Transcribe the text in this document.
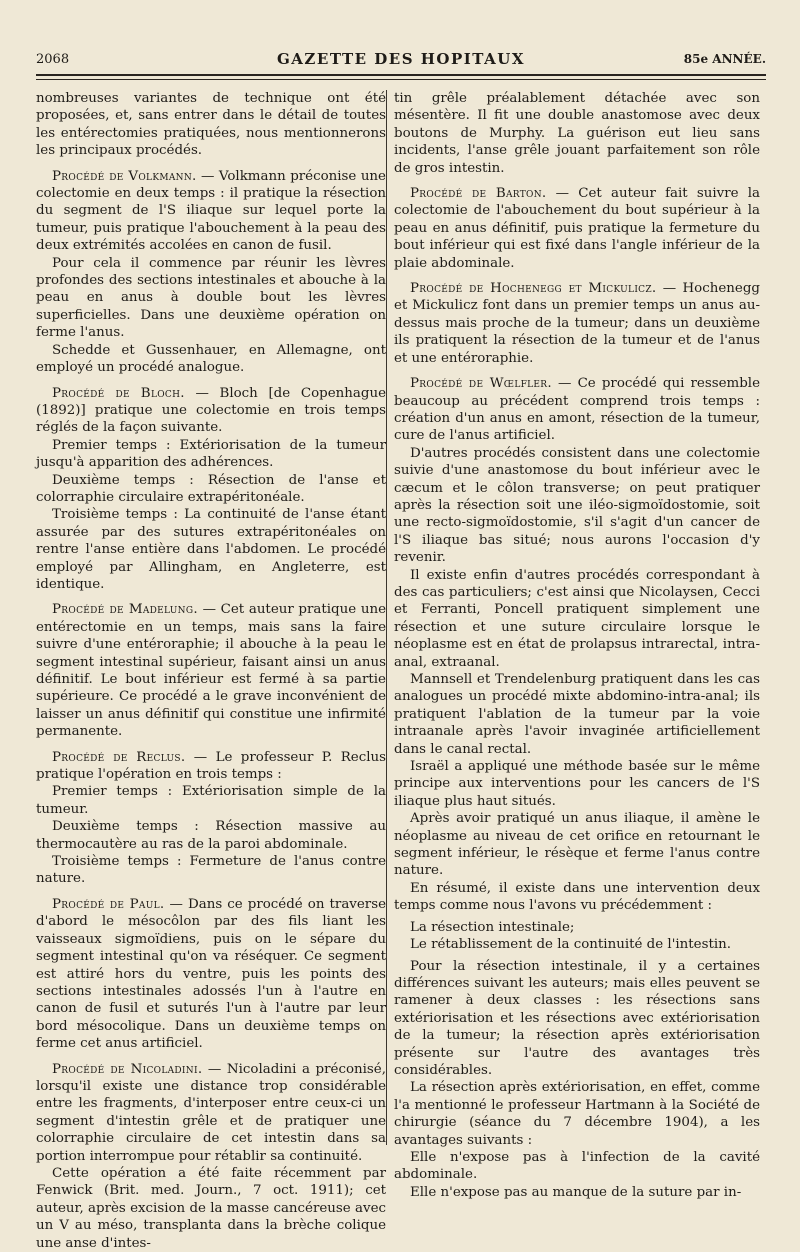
2068	GAZETTE DES HOPITAUX	85e ANNÉE.

nombreuses variantes de technique ont été proposées, et, sans entrer dans le détail de toutes les entérectomies pratiquées, nous mentionnerons les principaux procédés.

Procédé de Volkmann. — Volkmann préconise une colectomie en deux temps : il pratique la résection du segment de l'S iliaque sur lequel porte la tumeur, puis pratique l'abouchement à la peau des deux extrémités accolées en canon de fusil.

Pour cela il commence par réunir les lèvres profondes des sections intestinales et abouche à la peau en anus à double bout les lèvres superficielles. Dans une deuxième opération on ferme l'anus.

Schedde et Gussenhauer, en Allemagne, ont employé un procédé analogue.

Procédé de Bloch. — Bloch [de Copenhague (1892)] pratique une colectomie en trois temps réglés de la façon suivante.

Premier temps : Extériorisation de la tumeur jusqu'à apparition des adhérences.

Deuxième temps : Résection de l'anse et colorraphie circulaire extrapéritonéale.

Troisième temps : La continuité de l'anse étant assurée par des sutures extrapéritonéales on rentre l'anse entière dans l'abdomen. Le procédé employé par Allingham, en Angleterre, est identique.

Procédé de Madelung. — Cet auteur pratique une entérectomie en un temps, mais sans la faire suivre d'une entéroraphie; il abouche à la peau le segment intestinal supérieur, faisant ainsi un anus définitif. Le bout inférieur est fermé à sa partie supérieure. Ce procédé a le grave inconvénient de laisser un anus définitif qui constitue une infirmité permanente.

Procédé de Reclus. — Le professeur P. Reclus pratique l'opération en trois temps :

Premier temps : Extériorisation simple de la tumeur.

Deuxième temps : Résection massive au thermocautère au ras de la paroi abdominale.

Troisième temps : Fermeture de l'anus contre nature.

Procédé de Paul. — Dans ce procédé on traverse d'abord le mésocôlon par des fils liant les vaisseaux sigmoïdiens, puis on le sépare du segment intestinal qu'on va réséquer. Ce segment est attiré hors du ventre, puis les points des sections intestinales adossés l'un à l'autre en canon de fusil et suturés l'un à l'autre par leur bord mésocolique. Dans un deuxième temps on ferme cet anus artificiel.

Procédé de Nicoladini. — Nicoladini a préconisé, lorsqu'il existe une distance trop considérable entre les fragments, d'interposer entre ceux-ci un segment d'intestin grêle et de pratiquer une colorraphie circulaire de cet intestin dans sa portion interrompue pour rétablir sa continuité.

Cette opération a été faite récemment par Fenwick (Brit. med. Journ., 7 oct. 1911); cet auteur, après excision de la masse cancéreuse avec un V au méso, transplanta dans la brèche colique une anse d'intes-

tin grêle préalablement détachée avec son mésentère. Il fit une double anastomose avec deux boutons de Murphy. La guérison eut lieu sans incidents, l'anse grêle jouant parfaitement son rôle de gros intestin.

Procédé de Barton. — Cet auteur fait suivre la colectomie de l'abouchement du bout supérieur à la peau en anus définitif, puis pratique la fermeture du bout inférieur qui est fixé dans l'angle inférieur de la plaie abdominale.

Procédé de Hochenegg et Mickulicz. — Hochenegg et Mickulicz font dans un premier temps un anus au-dessus mais proche de la tumeur; dans un deuxième ils pratiquent la résection de la tumeur et de l'anus et une entéroraphie.

Procédé de Wœlfler. — Ce procédé qui ressemble beaucoup au précédent comprend trois temps : création d'un anus en amont, résection de la tumeur, cure de l'anus artificiel.

D'autres procédés consistent dans une colectomie suivie d'une anastomose du bout inférieur avec le cæcum et le côlon transverse; on peut pratiquer après la résection soit une iléo-sigmoïdostomie, soit une recto-sigmoïdostomie, s'il s'agit d'un cancer de l'S iliaque bas situé; nous aurons l'occasion d'y revenir.

Il existe enfin d'autres procédés correspondant à des cas particuliers; c'est ainsi que Nicolaysen, Cecci et Ferranti, Poncell pratiquent simplement une résection et une suture circulaire lorsque le néoplasme est en état de prolapsus intrarectal, intra-anal, extraanal.

Mannsell et Trendelenburg pratiquent dans les cas analogues un procédé mixte abdomino-intra-anal; ils pratiquent l'ablation de la tumeur par la voie intraanale après l'avoir invaginée artificiellement dans le canal rectal.

Israël a appliqué une méthode basée sur le même principe aux interventions pour les cancers de l'S iliaque plus haut situés.

Après avoir pratiqué un anus iliaque, il amène le néoplasme au niveau de cet orifice en retournant le segment inférieur, le résèque et ferme l'anus contre nature.

En résumé, il existe dans une intervention deux temps comme nous l'avons vu précédemment :

La résection intestinale;

Le rétablissement de la continuité de l'intestin.

Pour la résection intestinale, il y a certaines différences suivant les auteurs; mais elles peuvent se ramener à deux classes : les résections sans extériorisation et les résections avec extériorisation de la tumeur; la résection après extériorisation présente sur l'autre des avantages très considérables.

La résection après extériorisation, en effet, comme l'a mentionné le professeur Hartmann à la Société de chirurgie (séance du 7 décembre 1904), a les avantages suivants :

Elle n'expose pas à l'infection de la cavité abdominale.

Elle n'expose pas au manque de la suture par in-
